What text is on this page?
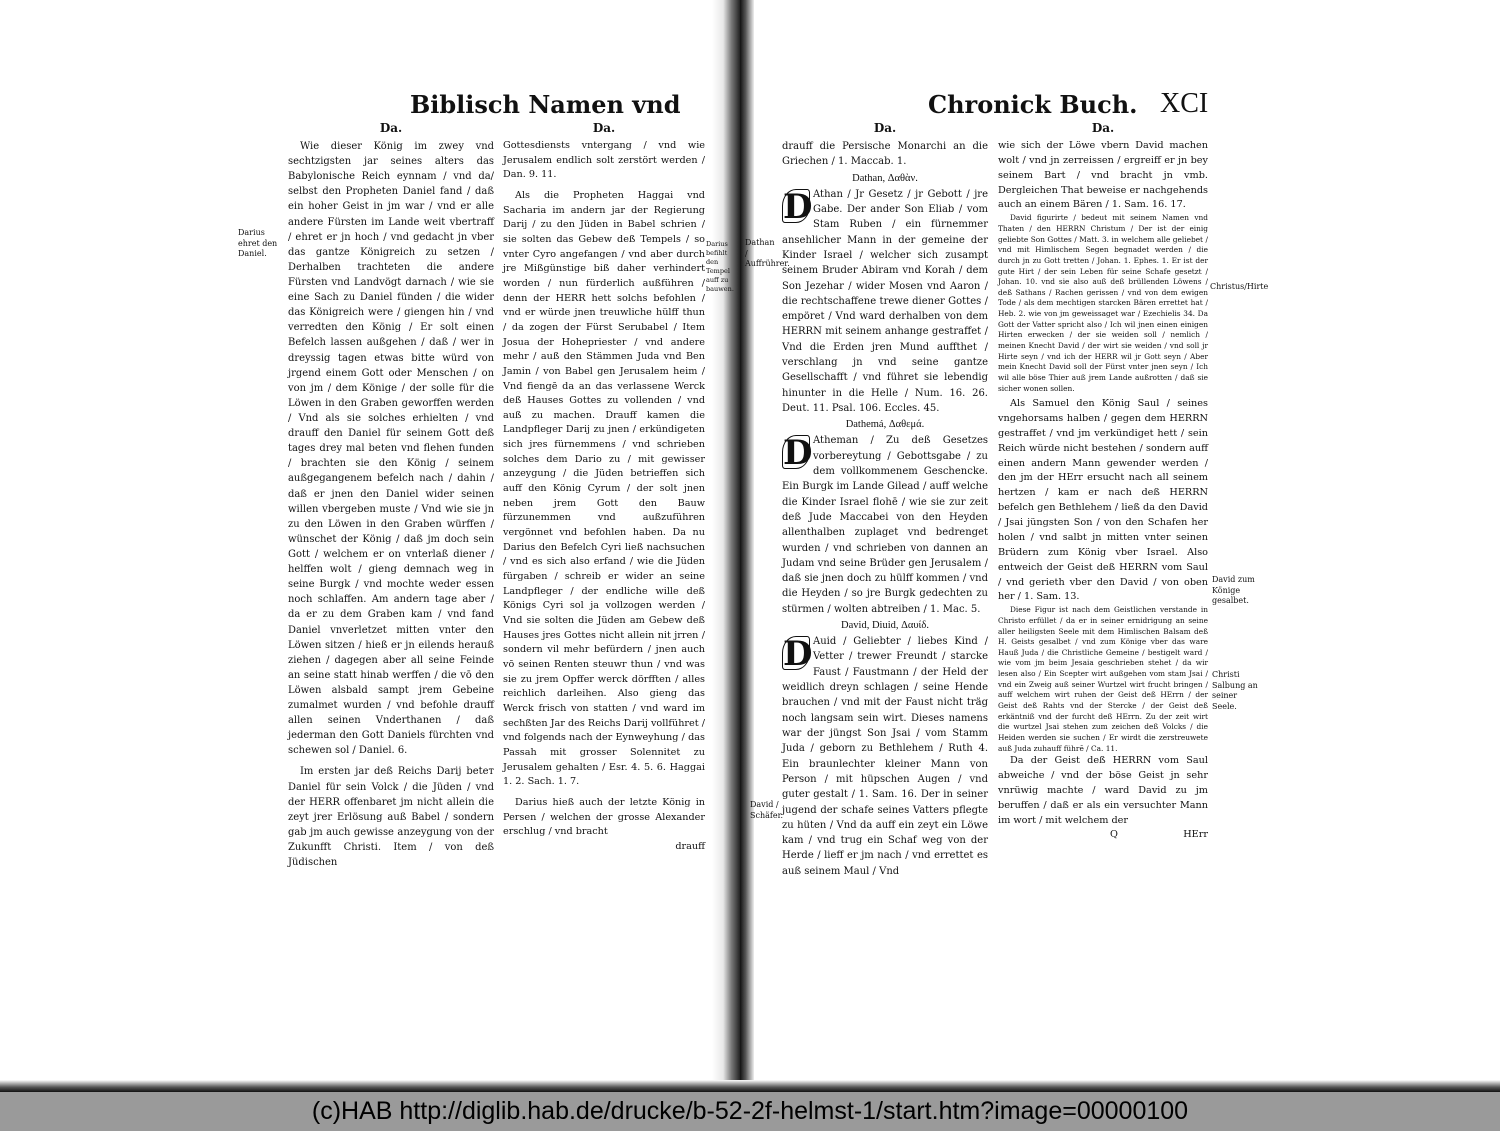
Biblisch Namen vnd
Darius ehret den Daniel.
Da.

Wie dieser König im zwey vnd sechtzigsten jar seines alters das Babylonische Reich eynnam / vnd da/ selbst den Propheten Daniel fand / daß ein hoher Geist in jm war / vnd er alle andere Fürsten im Lande weit vbertraff / ehret er jn hoch / vnd gedacht jn vber das gantze Königreich zu setzen / Derhalben trachteten die andere Fürsten vnd Landvögt darnach / wie sie eine Sach zu Daniel fünden / die wider das Königreich were / giengen hin / vnd verredten den König / Er solt einen Befelch lassen außgehen / daß / wer in dreyssig tagen etwas bitte würd von jrgend einem Gott oder Menschen / on von jm / dem Könige / der solle für die Löwen in den Graben geworffen werden / Vnd als sie solches erhielten / vnd drauff den Daniel für seinem Gott deß tages drey mal beten vnd flehen funden / brachten sie den König / seinem außgegangenem befelch nach / dahin / daß er jnen den Daniel wider seinen willen vbergeben muste / Vnd wie sie jn zu den Löwen in den Graben würffen / wünschet der König / daß jm doch sein Gott / welchem er on vnterlaß diener / helffen wolt / gieng demnach weg in seine Burgk / vnd mochte weder essen noch schlaffen. Am andern tage aber / da er zu dem Graben kam / vnd fand Daniel vnverletzet mitten vnter den Löwen sitzen / hieß er jn eilends herauß ziehen / dagegen aber all seine Feinde an seine statt hinab werffen / die vō den Löwen alsbald sampt jrem Gebeine zumalmet wurden / vnd befohle drauff allen seinen Vnderthanen / daß jederman den Gott Daniels fürchten vnd schewen sol / Daniel. 6.

Im ersten jar deß Reichs Darij beteт Daniel für sein Volck / die Jüden / vnd der HERR offenbaret jm nicht allein die zeyt jrer Erlösung auß Babel / sondern gab jm auch gewisse anzeygung von der Zukunfft Christi. Item / von deß Jüdischen

Da.

Gottesdiensts vntergang / vnd wie Jerusalem endlich solt zerstört werden / Dan. 9. 11.

Als die Propheten Haggai vnd Sacharia im andern jar der Regierung Darij / zu den Jüden in Babel schrien / sie solten das Gebew deß Tempels / so vnter Cyro angefangen / vnd aber durch jre Mißgünstige biß daher verhindert worden / nun fürderlich außführen / denn der HERR hett solchs befohlen / vnd er würde jnen treuwliche hülff thun / da zogen der Fürst Serubabel / Item Josua der Hohepriester / vnd andere mehr / auß den Stämmen Juda vnd Ben Jamin / von Babel gen Jerusalem heim / Vnd fiengē da an das verlassene Werck deß Hauses Gottes zu vollenden / vnd auß zu machen. Drauff kamen die Landpfleger Darij zu jnen / erkündigeten sich jres fürnemmens / vnd schrieben solches dem Dario zu / mit gewisser anzeygung / die Jüden betrieffen sich auff den König Cyrum / der solt jnen neben jrem Gott den Bauw fürzunemmen vnd außzuführen vergönnet vnd befohlen haben. Da nu Darius den Befelch Cyri ließ nachsuchen / vnd es sich also erfand / wie die Jüden fürgaben / schreib er wider an seine Landpfleger / der endliche wille deß Königs Cyri sol ja vollzogen werden / Vnd sie solten die Jüden am Gebew deß Hauses jres Gottes nicht allein nit jrren / sondern vil mehr befürdern / jnen auch vō seinen Renten steuwr thun / vnd was sie zu jrem Opffer werck dörfften / alles reichlich darleihen. Also gieng das Werck frisch von statten / vnd ward im sechßten Jar des Reichs Darij vollführet / vnd folgends nach der Eynweyhung / das Passah mit grosser Solennitet zu Jerusalem gehalten / Esr. 4. 5. 6. Haggai 1. 2. Sach. 1. 7.

Darius hieß auch der letzte König in Persen / welchen der grosse Alexander erschlug / vnd bracht

drauff

Darius befihlt den Tempel auff zu bauwen.
Chronick Buch. XCI
Dathan / Auffrührer.
David / Schäfer.
Da.

drauff die Persische Monarchi an die Griechen / 1. Maccab. 1.

Dathan, Δαθὰν.

D Athan / Jr Gesetz / jr Gebott / jre Gabe. Der ander Son Eliab / vom Stam Ruben / ein fürnemmer ansehlicher Mann in der gemeine der Kinder Israel / welcher sich zusampt seinem Bruder Abiram vnd Korah / dem Son Jezehar / wider Mosen vnd Aaron / die rechtschaffene trewe diener Gottes / empöret / Vnd ward derhalben von dem HERRN mit seinem anhange gestraffet / Vnd die Erden jren Mund auffthet / verschlang jn vnd seine gantze Gesellschafft / vnd führet sie lebendig hinunter in die Helle / Num. 16. 26. Deut. 11. Psal. 106. Eccles. 45.

Dathemá, Δαθεμά.

D Atheman / Zu deß Gesetzes vorbereytung / Gebottsgabe / zu dem vollkommenem Geschencke. Ein Burgk im Lande Gilead / auff welche die Kinder Israel flohē / wie sie zur zeit deß Jude Maccabei von den Heyden allenthalben zuplaget vnd bedrenget wurden / vnd schrieben von dannen an Judam vnd seine Brüder gen Jerusalem / daß sie jnen doch zu hülff kommen / vnd die Heyden / so jre Burgk gedechten zu stürmen / wolten abtreiben / 1. Mac. 5.

David, Diuid, Δαυίδ.

D Auid / Geliebter / liebes Kind / Vetter / trewer Freundt / starcke Faust / Faustmann / der Held der weidlich dreyn schlagen / seine Hende brauchen / vnd mit der Faust nicht träg noch langsam sein wirt. Dieses namens war der jüngst Son Jsai / vom Stamm Juda / geborn zu Bethlehem / Ruth 4. Ein braunlechter kleiner Mann von Person / mit hüpschen Augen / vnd guter gestalt / 1. Sam. 16. Der in seiner jugend der schafe seines Vatters pflegte zu hüten / Vnd da auff ein zeyt ein Löwe kam / vnd trug ein Schaf weg von der Herde / lieff er jm nach / vnd errettet es auß seinem Maul / Vnd

Da.

wie sich der Löwe vbern David machen wolt / vnd jn zerreissen / ergreiff er jn bey seinem Bart / vnd bracht jn vmb. Dergleichen That beweise er nachgehends auch an einem Bären / 1. Sam. 16. 17.

David figurirte / bedeut mit seinem Namen vnd Thaten / den HERRN Christum / Der ist der einig geliebte Son Gottes / Matt. 3. in welchem alle geliebet / vnd mit Himlischem Segen begnadet werden / die durch jn zu Gott tretten / Johan. 1. Ephes. 1. Er ist der gute Hirt / der sein Leben für seine Schafe gesetzt / Johan. 10. vnd sie also auß deß brüllenden Löwens / deß Sathans / Rachen gerissen / vnd von dem ewigen Tode / als dem mechtigen starcken Bären errettet hat / Heb. 2. wie von jm geweissaget war / Ezechielis 34. Da Gott der Vatter spricht also / Ich wil jnen einen einigen Hirten erwecken / der sie weiden soll / nemlich / meinen Knecht David / der wirt sie weiden / vnd soll jr Hirte seyn / vnd ich der HERR wil jr Gott seyn / Aber mein Knecht David soll der Fürst vnter jnen seyn / Ich wil alle böse Thier auß jrem Lande außrotten / daß sie sicher wonen sollen.

Als Samuel den König Saul / seines vngehorsams halben / gegen dem HERRN gestraffet / vnd jm verkündiget hett / sein Reich würde nicht bestehen / sondern auff einen andern Mann gewender werden / den jm der HErr ersucht nach all seinem hertzen / kam er nach deß HERRN befelch gen Bethlehem / ließ da den David / Jsai jüngsten Son / von den Schafen her holen / vnd salbt jn mitten vnter seinen Brüdern zum König vber Israel. Also entweich der Geist deß HERRN vom Saul / vnd gerieth vber den David / von oben her / 1. Sam. 13.

Diese Figur ist nach dem Geistlichen verstande in Christo erfüllet / da er in seiner ernidrigung an seine aller heiligsten Seele mit dem Himlischen Balsam deß H. Geists gesalbet / vnd zum Könige vber das ware Hauß Juda / die Christliche Gemeine / bestigelt ward / wie vom jm beim Jesaia geschrieben stehet / da wir lesen also / Ein Scepter wirt außgehen vom stam Jsai / vnd ein Zweig auß seiner Wurtzel wirt frucht bringen / auff welchem wirt ruhen der Geist deß HErrn / der Geist deß Rahts vnd der Stercke / der Geist deß erkäntniß vnd der furcht deß HErrn. Zu der zeit wirt die wurtzel Jsai stehen zum zeichen deß Volcks / die Heiden werden sie suchen / Er wirdt die zerstreuwete auß Juda zuhauff führē / Ca. 11.

Da der Geist deß HERRN vom Saul abweiche / vnd der böse Geist jn sehr vnrüwig machte / ward David zu jm beruffen / daß er als ein versuchter Mann im wort / mit welchem der

Q	HErr

Christus/Hirte
David zum Könige gesalbet.
Christi Salbung an seiner Seele.
(c)HAB http://diglib.hab.de/drucke/b-52-2f-helmst-1/start.htm?image=00000100
